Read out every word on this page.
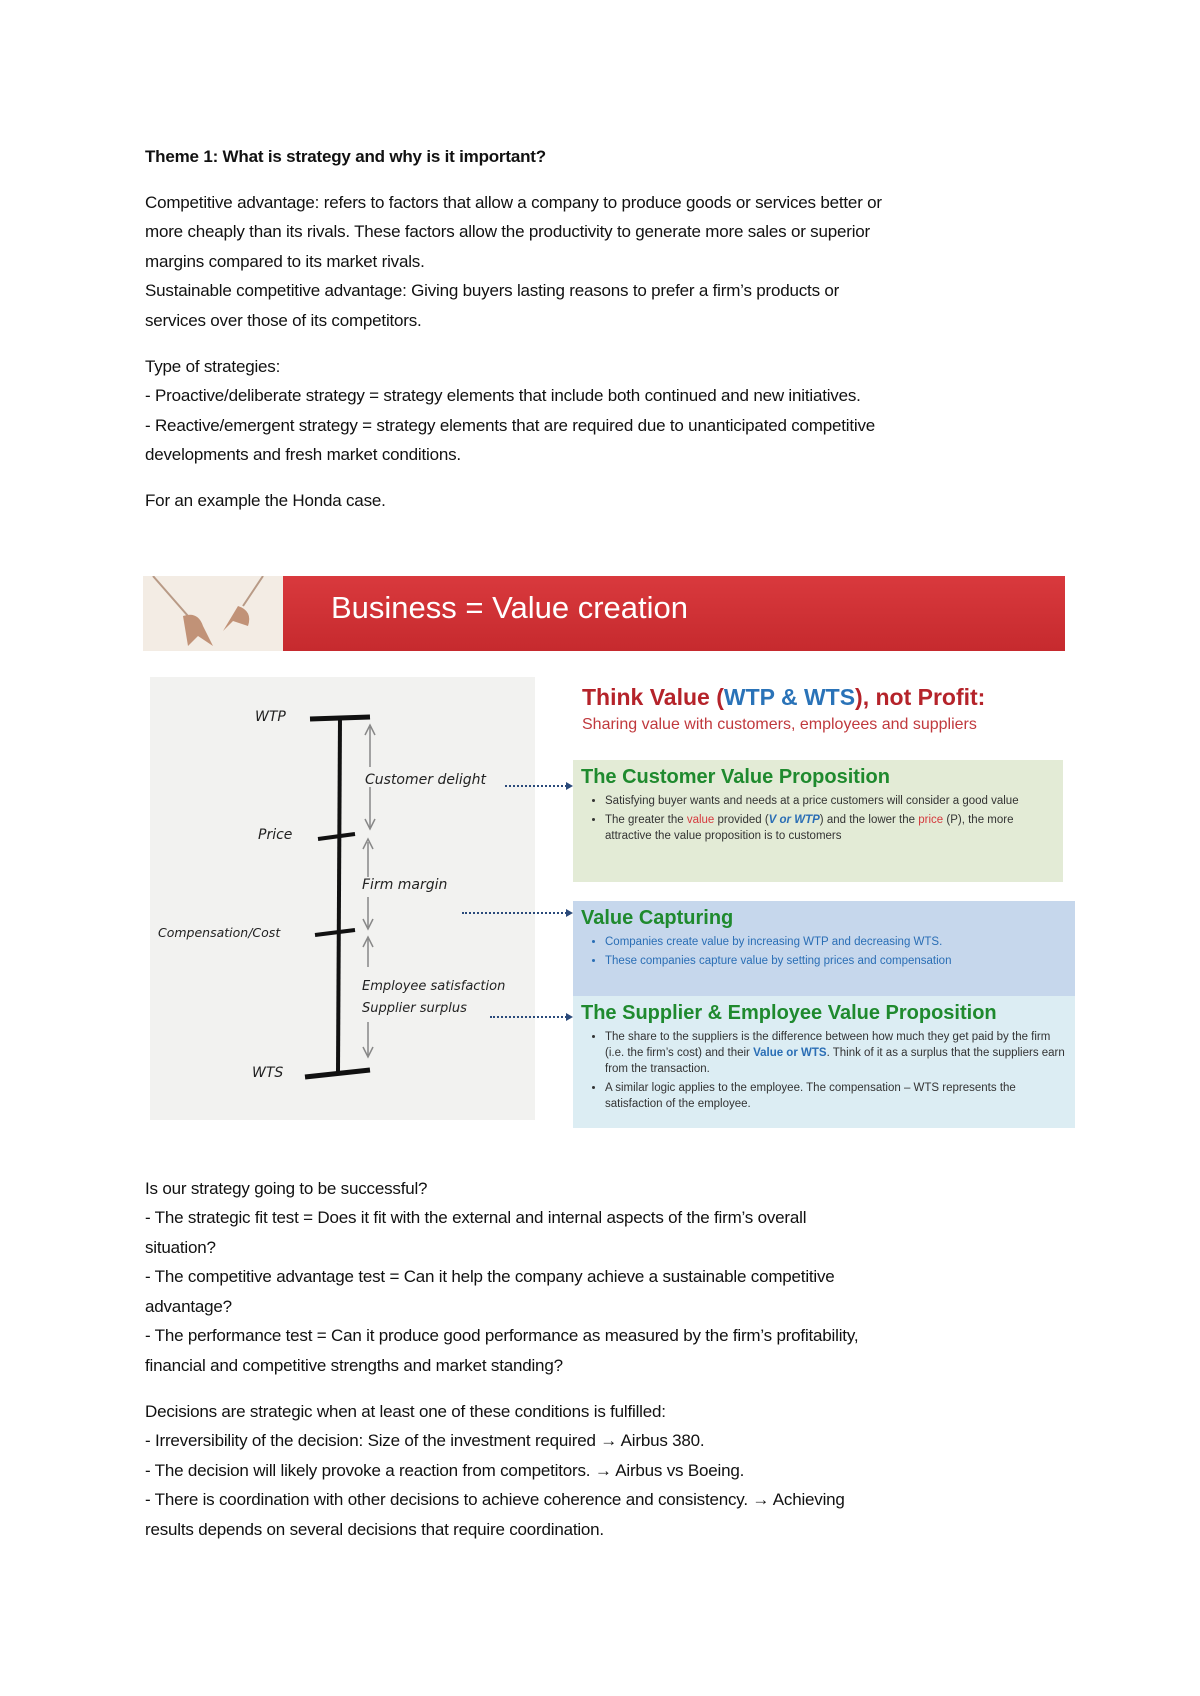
Theme 1: What is strategy and why is it important?
Competitive advantage: refers to factors that allow a company to produce goods or services better or
more cheaply than its rivals. These factors allow the productivity to generate more sales or superior
margins compared to its market rivals.
Sustainable competitive advantage: Giving buyers lasting reasons to prefer a firm’s products or
services over those of its competitors.
Type of strategies:
- Proactive/deliberate strategy = strategy elements that include both continued and new initiatives.
- Reactive/emergent strategy = strategy elements that are required due to unanticipated competitive
developments and fresh market conditions.
For an example the Honda case.
Business = Value creation
WTP
Price
Compensation/Cost
WTS
Customer delight
Firm margin
Employee satisfaction
Supplier surplus
Think Value (WTP & WTS), not Profit:
Sharing value with customers, employees and suppliers
The Customer Value Proposition
• Satisfying buyer wants and needs at a price customers will consider a good value
• The greater the value provided (V or WTP) and the lower the price (P), the more attractive the value proposition is to customers
Value Capturing
• Companies create value by increasing WTP and decreasing WTS.
• These companies capture value by setting prices and compensation
The Supplier & Employee Value Proposition
• The share to the suppliers is the difference between how much they get paid by the firm (i.e. the firm’s cost) and their Value or WTS. Think of it as a surplus that the suppliers earn from the transaction.
• A similar logic applies to the employee. The compensation – WTS represents the satisfaction of the employee.
Is our strategy going to be successful?
- The strategic fit test = Does it fit with the external and internal aspects of the firm’s overall
situation?
- The competitive advantage test = Can it help the company achieve a sustainable competitive
advantage?
- The performance test = Can it produce good performance as measured by the firm’s profitability,
financial and competitive strengths and market standing?
Decisions are strategic when at least one of these conditions is fulfilled:
- Irreversibility of the decision: Size of the investment required → Airbus 380.
- The decision will likely provoke a reaction from competitors. → Airbus vs Boeing.
- There is coordination with other decisions to achieve coherence and consistency. → Achieving
results depends on several decisions that require coordination.
